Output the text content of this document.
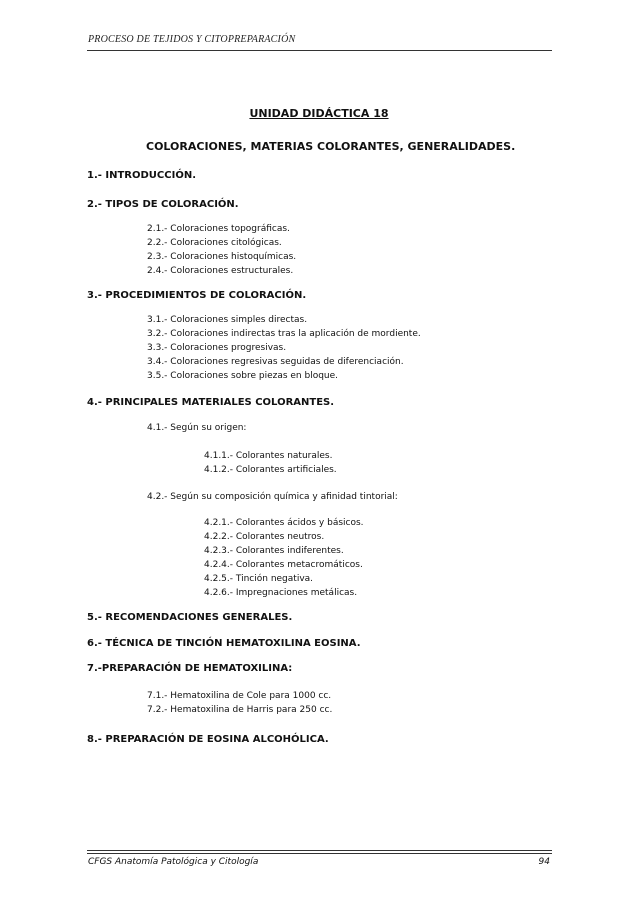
PROCESO DE TEJIDOS Y CITOPREPARACIÓN
UNIDAD DIDÁCTICA 18
COLORACIONES, MATERIAS COLORANTES, GENERALIDADES.
1.- INTRODUCCIÓN.
2.- TIPOS DE COLORACIÓN.
2.1.- Coloraciones topográficas.
2.2.- Coloraciones citológicas.
2.3.- Coloraciones histoquímicas.
2.4.- Coloraciones estructurales.
3.- PROCEDIMIENTOS DE COLORACIÓN.
3.1.- Coloraciones simples directas.
3.2.- Coloraciones indirectas tras la aplicación de mordiente.
3.3.- Coloraciones progresivas.
3.4.- Coloraciones regresivas seguidas de diferenciación.
3.5.- Coloraciones sobre piezas en bloque.
4.- PRINCIPALES MATERIALES COLORANTES.
4.1.- Según su origen:
4.1.1.- Colorantes naturales.
4.1.2.- Colorantes artificiales.
4.2.- Según su composición química y afinidad tintorial:
4.2.1.- Colorantes ácidos y básicos.
4.2.2.- Colorantes neutros.
4.2.3.- Colorantes indiferentes.
4.2.4.- Colorantes metacromáticos.
4.2.5.- Tinción negativa.
4.2.6.- Impregnaciones metálicas.
5.- RECOMENDACIONES GENERALES.
6.- TÉCNICA DE TINCIÓN HEMATOXILINA EOSINA.
7.-PREPARACIÓN DE HEMATOXILINA:
7.1.- Hematoxilina de Cole para 1000 cc.
7.2.- Hematoxilina de Harris para 250 cc.
8.- PREPARACIÓN DE EOSINA ALCOHÓLICA.
CFGS Anatomía Patológica y Citología	94
